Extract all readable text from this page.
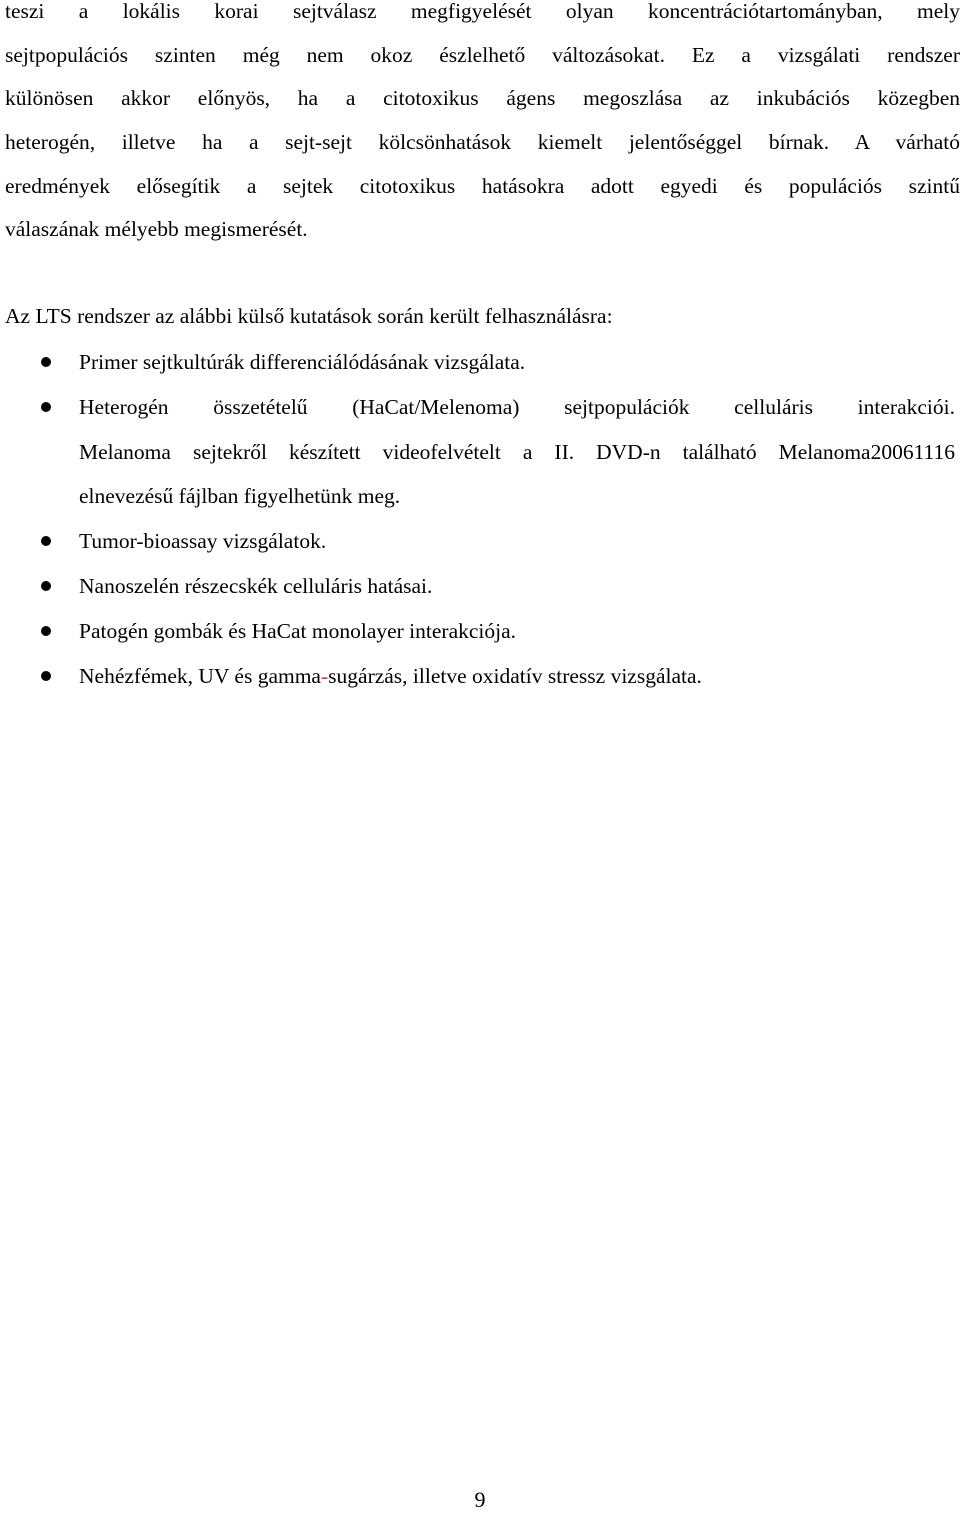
teszi a lokális korai sejtválasz megfigyelését olyan koncentrációtartományban, mely
sejtpopulációs szinten még nem okoz észlelhető változásokat. Ez a vizsgálati rendszer
különösen akkor előnyös, ha a citotoxikus ágens megoszlása az inkubációs közegben
heterogén, illetve ha a sejt-sejt kölcsönhatások kiemelt jelentőséggel bírnak. A várható
eredmények elősegítik a sejtek citotoxikus hatásokra adott egyedi és populációs szintű
válaszának mélyebb megismerését.

Az LTS rendszer az alábbi külső kutatások során került felhasználásra:

Primer sejtkultúrák differenciálódásának vizsgálata.
Heterogén összetételű (HaCat/Melenoma) sejtpopulációk celluláris interakciói.
Melanoma sejtekről készített videofelvételt a II. DVD-n található Melanoma20061116
elnevezésű fájlban figyelhetünk meg.
Tumor-bioassay vizsgálatok.
Nanoszelén részecskék celluláris hatásai.
Patogén gombák és HaCat monolayer interakciója.
Nehézfémek, UV és gamma-sugárzás, illetve oxidatív stressz vizsgálata.
9
